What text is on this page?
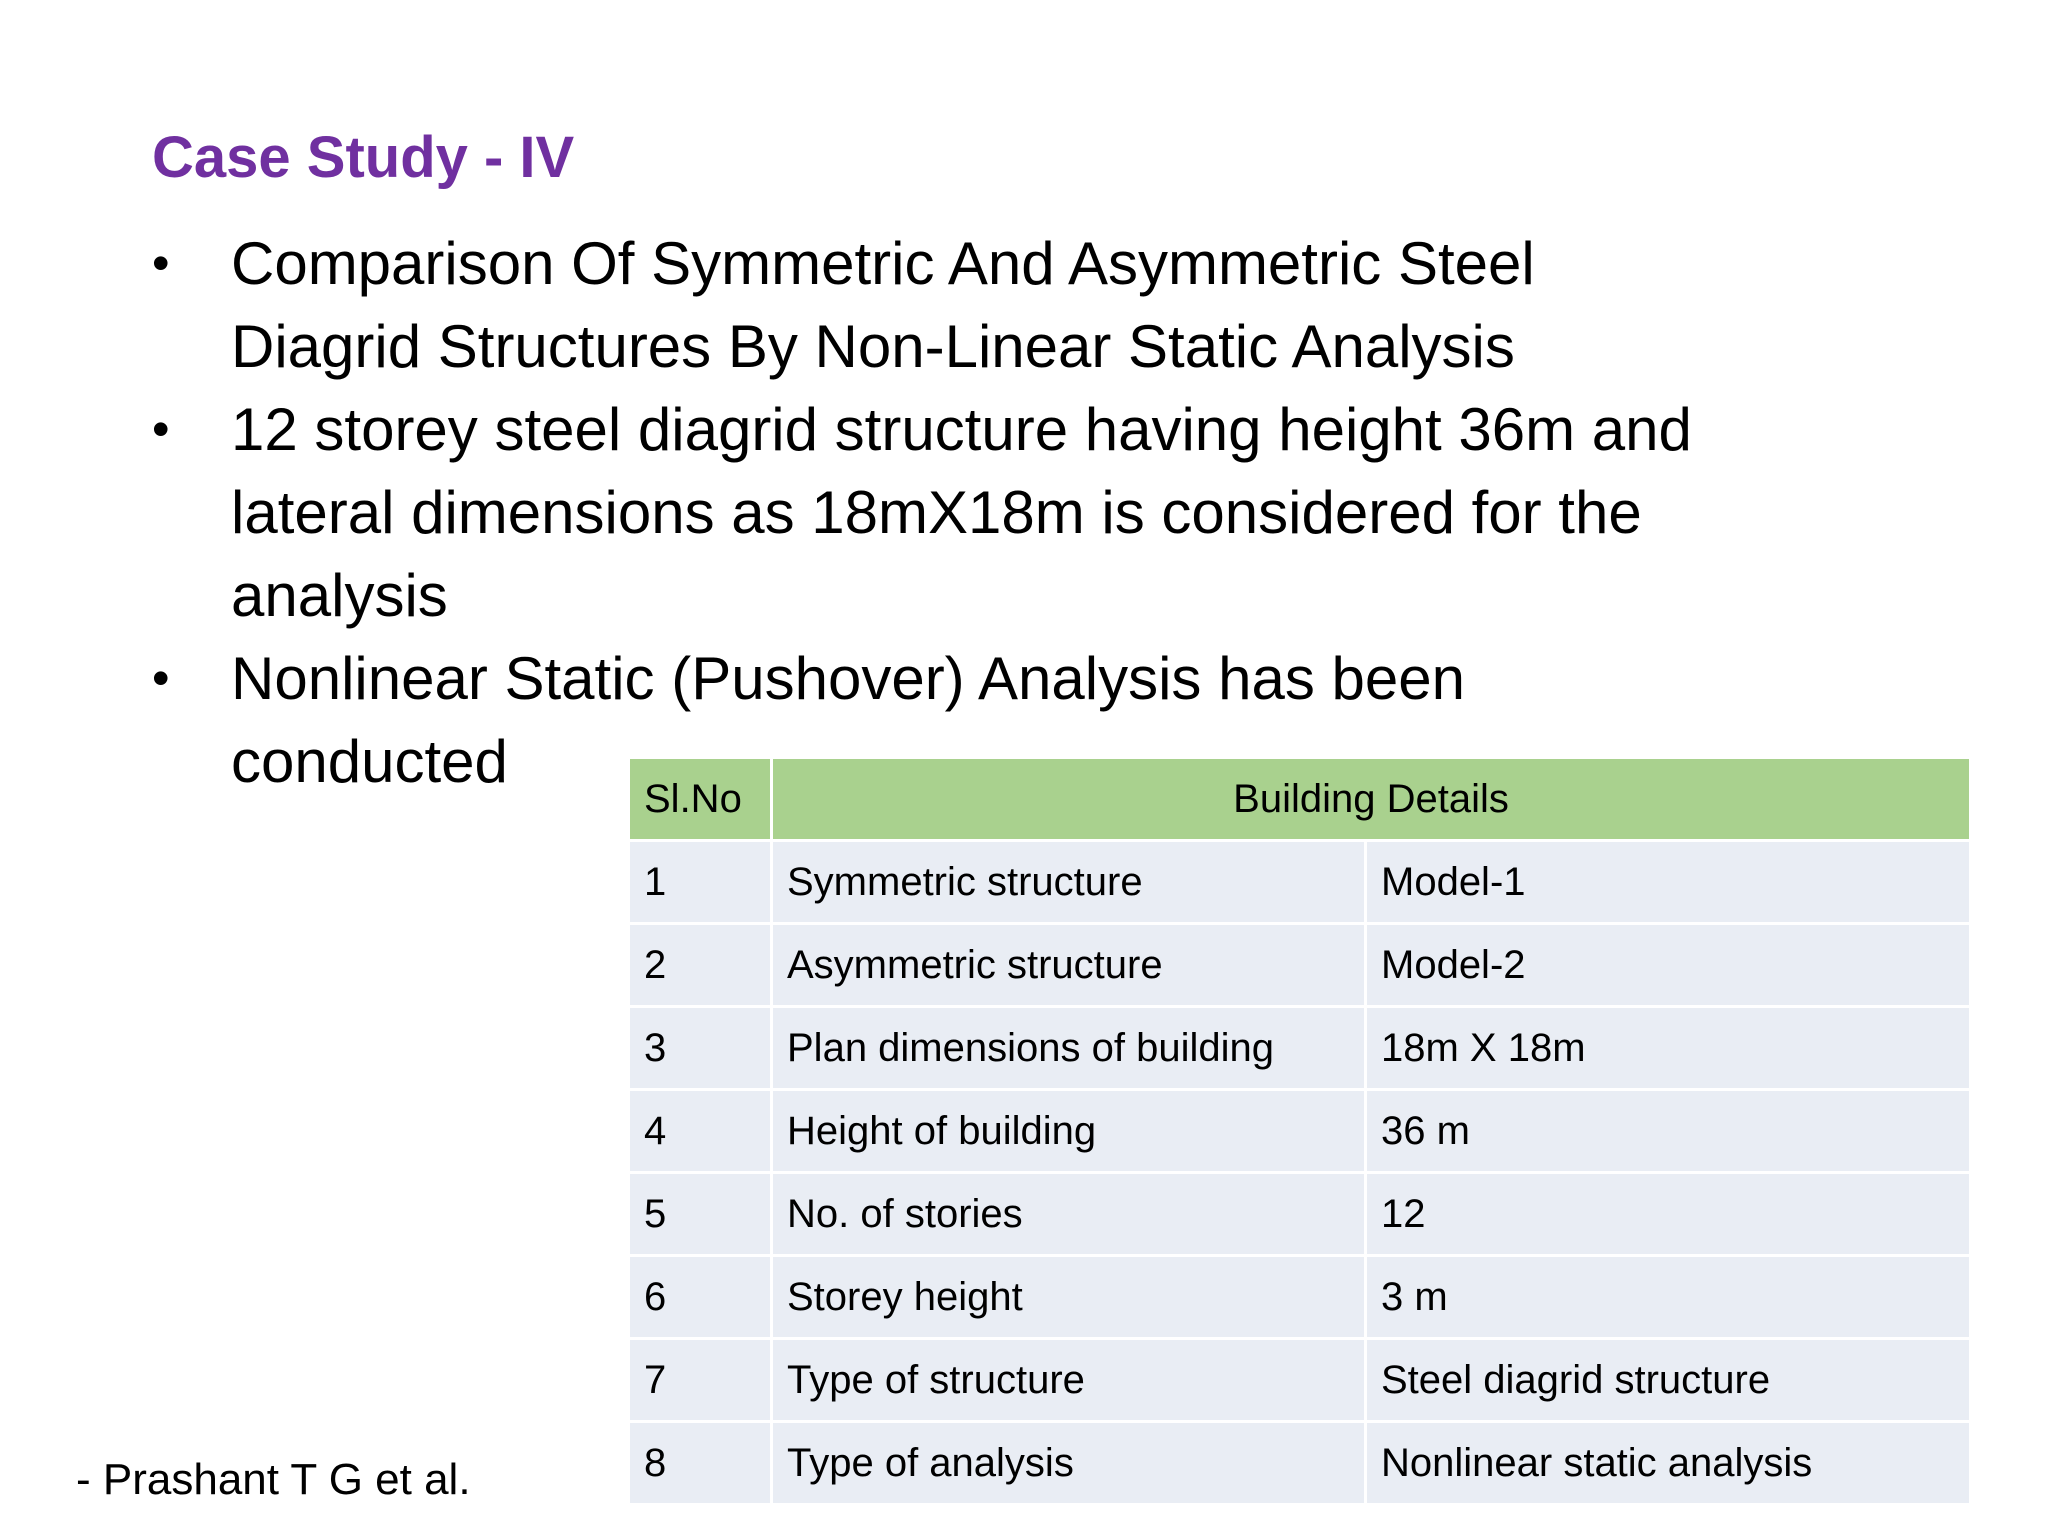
Case Study - IV
• Comparison Of Symmetric And Asymmetric Steel
Diagrid Structures By Non-Linear Static Analysis
• 12 storey steel diagrid structure having height 36m and
lateral dimensions as 18mX18m is considered for the
analysis
• Nonlinear Static (Pushover) Analysis has been
conducted
Sl.No	Building Details	
1	Symmetric structure	Model-1
2	Asymmetric structure	Model-2
3	Plan dimensions of building	18m X 18m
4	Height of building	36 m
5	No. of stories	12
6	Storey height	3 m
7	Type of structure	Steel diagrid structure
8	Type of analysis	Nonlinear static analysis
- Prashant T G et al.
